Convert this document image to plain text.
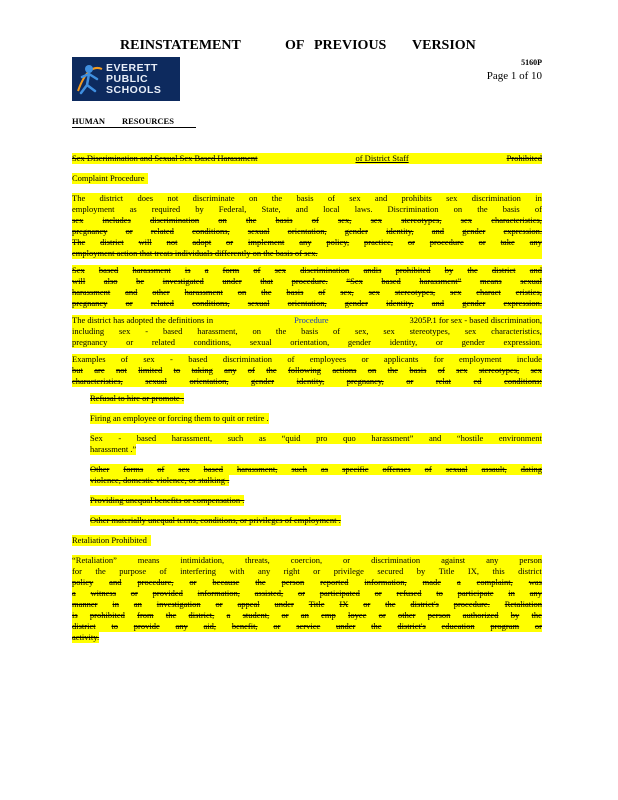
REINSTATEMENT	OF PREVIOUS VERSION
EVERETT
PUBLIC
SCHOOLS
5160P
Page 1 of 10
HUMAN RESOURCES
Sex Discrimination and Sexual Sex Based Harassment	of District Staff	Prohibited
Complaint Procedure
The district does not discriminate on the basis of sex and prohibits sex discrimination in
employment as required by Federal, State, and local laws. Discrimination on the basis of
sex includes discrimination on the basis of sex, sex stereotypes, sex characteristics,
pregnancy or related conditions, sexual orientation, gender identity, and gender expression.
The district will not adopt or implement any policy, practice, or procedure or take any
employment action that treats individuals differently on the basis of sex.
Sex based harassment is a form of sex discrimination andis prohibited by the district and
will also be investigated under that procedure. “Sex based harassment” means sexual
harassment and other harassment on the basis of sex, sex stereotypes, sex charact eristics,
pregnancy or related conditions, sexual orientation, gender identity, and gender expression.
The district has adopted the definitions in	Procedure	3205P.1 for sex - based discrimination,
including sex - based harassment, on the basis of sex, sex stereotypes, sex characteristics,
pregnancy or related conditions, sexual orientation, gender identity, or gender expression.
Examples of sex - based discrimination of employees or applicants for employment include
but are not limited to taking any of the following actions on the basis of sex stereotypes, sex
characteristics,	sexual	orientation,	gender	identity,	pregnancy,	or	relat	ed	conditions:
Refusal to hire or promote .
Firing an employee or forcing them to quit or retire .
Sex - based harassment, such as “quid pro quo harassment” and “hostile environment
harassment .”
Other forms of sex based harassment, such as specific offenses of sexual assault, dating
violence, domestic violence, or stalking .
Providing unequal benefits or compensation .
Other materially unequal terms, conditions, or privileges of employment .
Retaliation Prohibited
“Retaliation” means intimidation, threats, coercion, or discrimination against any person
for the purpose of interfering with any right or privilege secured by Title IX, this district
policy and procedure, or because the person reported information, made a complaint, was
a witness or provided information, assisted, or participated or refused to participate in any
manner in an investigation or appeal under Title IX or the district's procedure. Retaliation
is prohibited from the district, a student, or an emp loyee or other person authorized by the
district to provide any aid, benefit, or service under the district's education program or
activity.
